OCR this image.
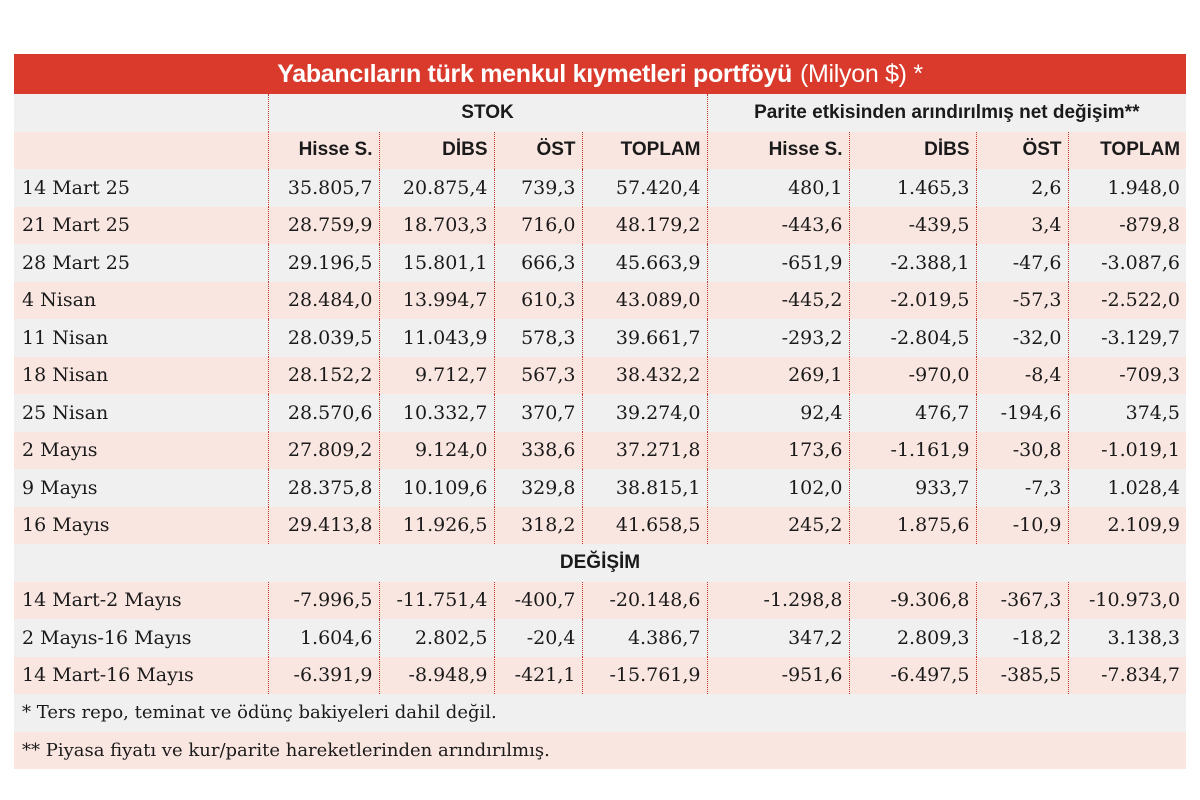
Yabancıların türk menkul kıymetleri portföyü (Milyon $) *
	STOK				Parite etkisinden arındırılmış net değişim**			
	Hisse S.	DİBS	ÖST	TOPLAM	Hisse S.	DİBS	ÖST	TOPLAM
14 Mart 25	35.805,7	20.875,4	739,3	57.420,4	480,1	1.465,3	2,6	1.948,0
21 Mart 25	28.759,9	18.703,3	716,0	48.179,2	-443,6	-439,5	3,4	-879,8
28 Mart 25	29.196,5	15.801,1	666,3	45.663,9	-651,9	-2.388,1	-47,6	-3.087,6
4 Nisan	28.484,0	13.994,7	610,3	43.089,0	-445,2	-2.019,5	-57,3	-2.522,0
11 Nisan	28.039,5	11.043,9	578,3	39.661,7	-293,2	-2.804,5	-32,0	-3.129,7
18 Nisan	28.152,2	9.712,7	567,3	38.432,2	269,1	-970,0	-8,4	-709,3
25 Nisan	28.570,6	10.332,7	370,7	39.274,0	92,4	476,7	-194,6	374,5
2 Mayıs	27.809,2	9.124,0	338,6	37.271,8	173,6	-1.161,9	-30,8	-1.019,1
9 Mayıs	28.375,8	10.109,6	329,8	38.815,1	102,0	933,7	-7,3	1.028,4
16 Mayıs	29.413,8	11.926,5	318,2	41.658,5	245,2	1.875,6	-10,9	2.109,9
DEĞİŞİM								
14 Mart-2 Mayıs	-7.996,5	-11.751,4	-400,7	-20.148,6	-1.298,8	-9.306,8	-367,3	-10.973,0
2 Mayıs-16 Mayıs	1.604,6	2.802,5	-20,4	4.386,7	347,2	2.809,3	-18,2	3.138,3
14 Mart-16 Mayıs	-6.391,9	-8.948,9	-421,1	-15.761,9	-951,6	-6.497,5	-385,5	-7.834,7
* Ters repo, teminat ve ödünç bakiyeleri dahil değil.								
** Piyasa fiyatı ve kur/parite hareketlerinden arındırılmış.								
